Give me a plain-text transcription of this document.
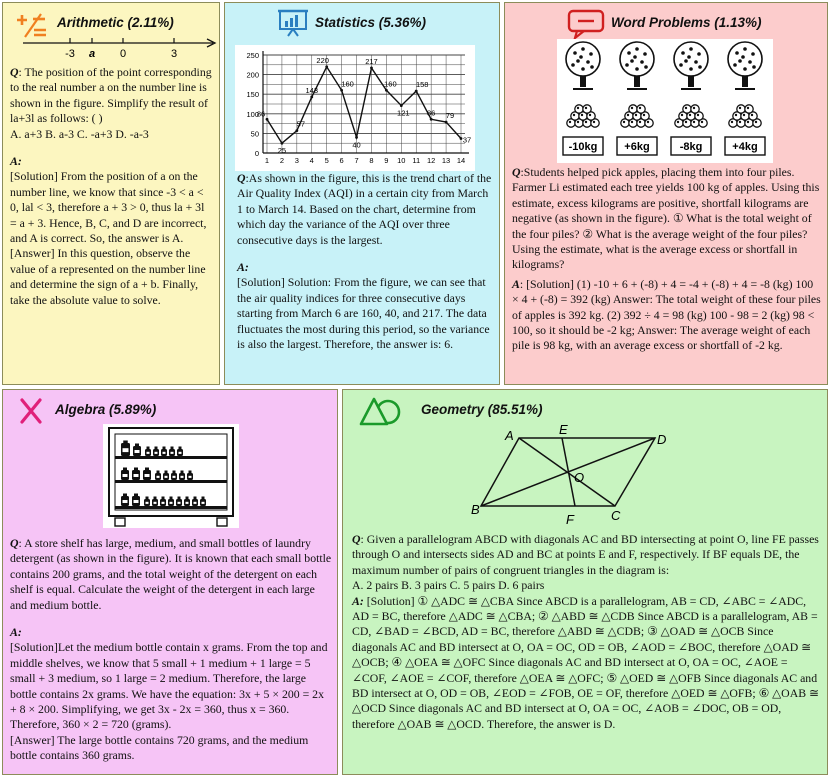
Arithmetic (2.11%)
-3 a 0	3

Q: The position of the point corresponding to the real number a on the number line is shown in the figure. Simplify the result of la+3l as follows: ( )

A. a+3 B. a-3 C. -a+3 D. -a-3

A:

[Solution] From the position of a on the number line, we know that since -3 < a < 0, lal < 3, therefore a + 3 > 0, thus la + 3l = a + 3. Hence, B, C, and D are incorrect, and A is correct. So, the answer is A.

[Answer] In this question, observe the value of a represented on the number line and determine the sign of a + b. Finally, take the absolute value to solve.

Statistics (5.36%)
0
50
100
150
200
250
1 2 3 4 5 6 7 8 9 10 11 12 13 14
86
25
57
143
220
160
40
217
160
121
158
86 79
37

Q:As shown in the figure, this is the trend chart of the Air Quality Index (AQI) in a certain city from March 1 to March 14. Based on the chart, determine from which day the variance of the AQI over three consecutive days is the largest.

A:

[Solution] Solution: From the figure, we can see that the air quality indices for three consecutive days starting from March 6 are 160, 40, and 217. The data fluctuates the most during this period, so the variance is also the largest. Therefore, the answer is: 6.

Word Problems (1.13%)
-10kg +6kg	-8kg	+4kg

Q:Students helped pick apples, placing them into four piles. Farmer Li estimated each tree yields 100 kg of apples. Using this estimate, excess kilograms are positive, shortfall kilograms are negative (as shown in the figure). ① What is the total weight of the four piles? ② What is the average weight of the four piles? Using the estimate, what is the average excess or shortfall in kilograms?

A: [Solution] (1) -10 + 6 + (-8) + 4 = -4 + (-8) + 4 = -8 (kg) 100 × 4 + (-8) = 392 (kg) Answer: The total weight of these four piles of apples is 392 kg. (2) 392 ÷ 4 = 98 (kg) 100 - 98 = 2 (kg) 98 < 100, so it should be -2 kg; Answer: The average weight of each pile is 98 kg, with an average excess or shortfall of -2 kg.

Algebra (5.89%)

Q: A store shelf has large, medium, and small bottles of laundry detergent (as shown in the figure). It is known that each small bottle contains 200 grams, and the total weight of the detergent on each shelf is equal. Calculate the weight of the detergent in each large and medium bottle.

A:

[Solution]Let the medium bottle contain x grams. From the top and middle shelves, we know that 5 small + 1 medium + 1 large = 5 small + 3 medium, so 1 large = 2 medium. Therefore, the large bottle contains 2x grams. We have the equation: 3x + 5 × 200 = 2x + 8 × 200. Simplifying, we get 3x - 2x = 360, thus x = 360. Therefore, 360 × 2 = 720 (grams).

[Answer] The large bottle contains 720 grams, and the medium bottle contains 360 grams.

Geometry (85.51%)
A	E
D
O
B
F	C

Q: Given a parallelogram ABCD with diagonals AC and BD intersecting at point O, line FE passes through O and intersects sides AD and BC at points E and F, respectively. If BF equals DE, the maximum number of pairs of congruent triangles in the diagram is:

A. 2 pairs B. 3 pairs C. 5 pairs D. 6 pairs

A: [Solution] ① △ADC ≅ △CBA Since ABCD is a parallelogram, AB = CD, ∠ABC = ∠ADC, AD = BC, therefore △ADC ≅ △CBA; ② △ABD ≅ △CDB Since ABCD is a parallelogram, AB = CD, ∠BAD = ∠BCD, AD = BC, therefore △ABD ≅ △CDB; ③ △OAD ≅ △OCB Since diagonals AC and BD intersect at O, OA = OC, OD = OB, ∠AOD = ∠BOC, therefore △OAD ≅ △OCB; ④ △OEA ≅ △OFC Since diagonals AC and BD intersect at O, OA = OC, ∠AOE = ∠COF, ∠AOE = ∠COF, therefore △OEA ≅ △OFC; ⑤ △OED ≅ △OFB Since diagonals AC and BD intersect at O, OD = OB, ∠EOD = ∠FOB, OE = OF, therefore △OED ≅ △OFB; ⑥ △OAB ≅ △OCD Since diagonals AC and BD intersect at O, OA = OC, ∠AOB = ∠DOC, OB = OD, therefore △OAB ≅ △OCD. Therefore, the answer is D.
